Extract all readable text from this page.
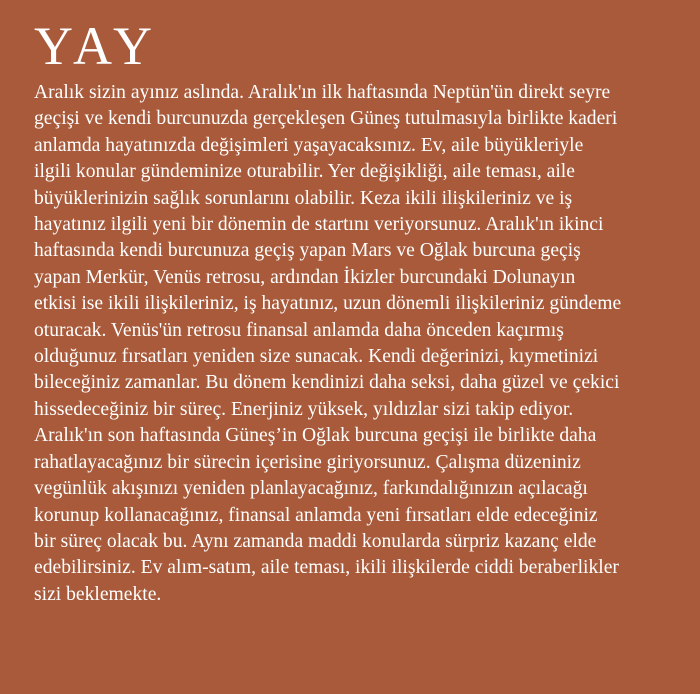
YAY

Aralık sizin ayınız aslında. Aralık'ın ilk haftasında Neptün'ün direkt seyre
geçişi ve kendi burcunuzda gerçekleşen Güneş tutulmasıyla birlikte kaderi
anlamda hayatınızda değişimleri yaşayacaksınız. Ev, aile büyükleriyle
ilgili konular gündeminize oturabilir. Yer değişikliği, aile teması, aile
büyüklerinizin sağlık sorunlarını olabilir. Keza ikili ilişkileriniz ve iş
hayatınız ilgili yeni bir dönemin de startını veriyorsunuz. Aralık'ın ikinci
haftasında kendi burcunuza geçiş yapan Mars ve Oğlak burcuna geçiş
yapan Merkür, Venüs retrosu, ardından İkizler burcundaki Dolunayın
etkisi ise ikili ilişkileriniz, iş hayatınız, uzun dönemli ilişkileriniz gündeme
oturacak. Venüs'ün retrosu finansal anlamda daha önceden kaçırmış
olduğunuz fırsatları yeniden size sunacak. Kendi değerinizi, kıymetinizi
bileceğiniz zamanlar. Bu dönem kendinizi daha seksi, daha güzel ve çekici
hissedeceğiniz bir süreç. Enerjiniz yüksek, yıldızlar sizi takip ediyor.
Aralık'ın son haftasında Güneş’in Oğlak burcuna geçişi ile birlikte daha
rahatlayacağınız bir sürecin içerisine giriyorsunuz. Çalışma düzeniniz
vegünlük akışınızı yeniden planlayacağınız, farkındalığınızın açılacağı
korunup kollanacağınız, finansal anlamda yeni fırsatları elde edeceğiniz
bir süreç olacak bu. Aynı zamanda maddi konularda sürpriz kazanç elde
edebilirsiniz. Ev alım-satım, aile teması, ikili ilişkilerde ciddi beraberlikler
sizi beklemekte.
